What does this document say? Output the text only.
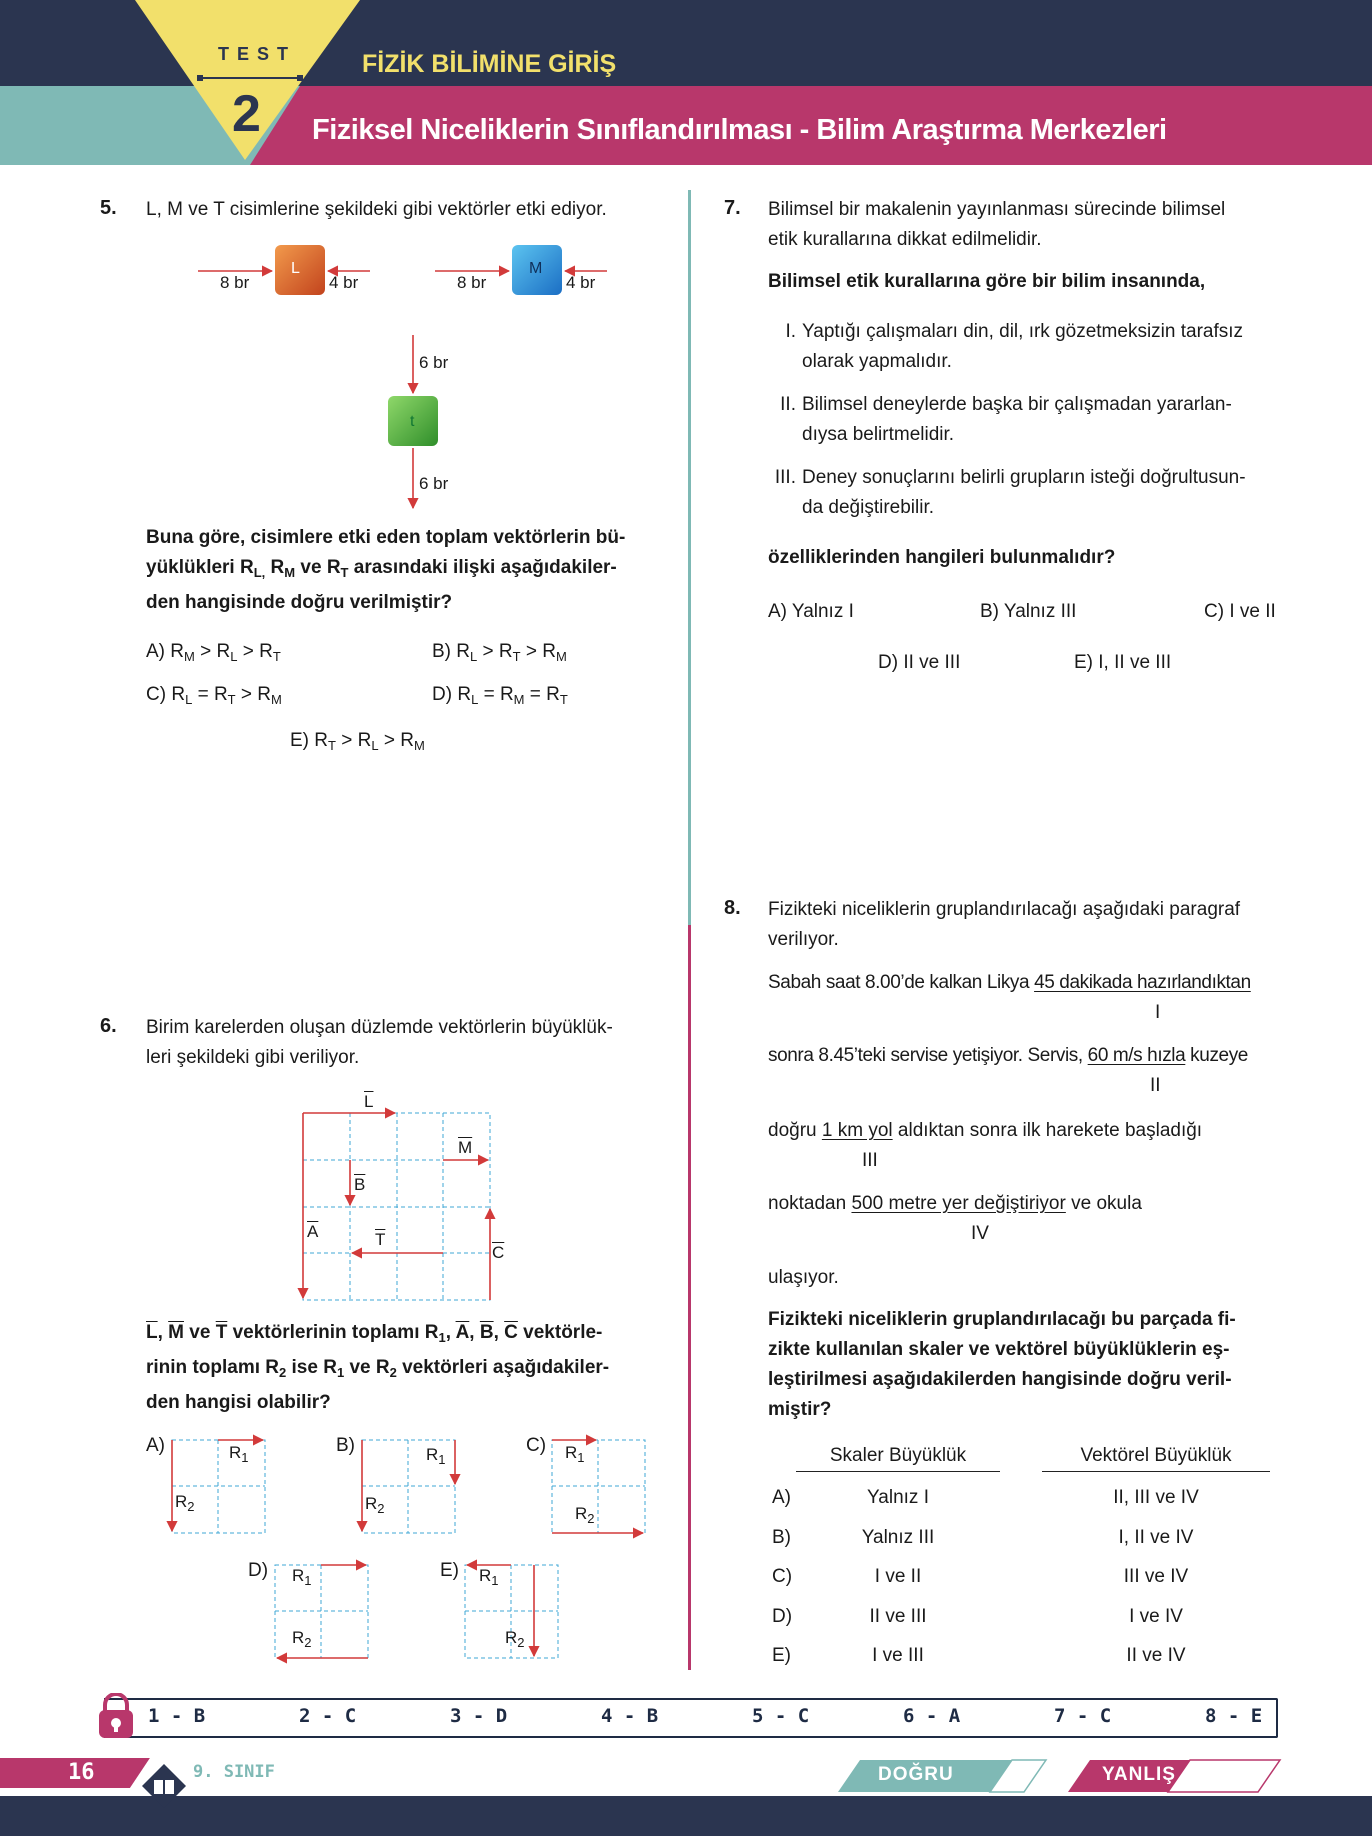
TEST
2
FİZİK BİLİMİNE GİRİŞ
Fiziksel Niceliklerin Sınıflandırılması - Bilim Araştırma Merkezleri
5. L, M ve T cisimlerine şekildeki gibi vektörler etki ediyor.
L	M
t
8 br	4 br	8 br	4 br
6 br
6 br
Buna göre, cisimlere etki eden toplam vektörlerin bü-
yüklükleri $R_{L,}$ $R_M$ ve $R_T$ arasındaki ilişki aşağıdakiler-
den hangisinde doğru verilmiştir?
A) $R_M > R_L > R_T$	B) $R_L > R_T > R_M$
C) $R_L = R_T > R_M$	D) $R_L = R_M = R_T$
E) $R_T > R_L > R_M$
6. Birim karelerden oluşan düzlemde vektörlerin büyüklük-
leri şekildeki gibi veriliyor.
$\overline{L}$
$\overline{M}$
$\overline{B}$
$\overline{A}$	$\overline{T}$
$\overline{C}$
$\overline{L}$, $\overline{M}$ ve $\overline{T}$ vektörlerinin toplamı $R_1$, $\overline{A}$, $\overline{B}$, $\overline{C}$ vektörle-
rinin toplamı $R_2$ ise $R_1$ ve $R_2$ vektörleri aşağıdakiler-
den hangisi olabilir?
A)	B)	C)
D)	E)
$R_1$
$R_2$
$R_1$
$R_2$
$R_1$
$R_2$
$R_1$
$R_2$
$R_1$
$R_2$
7. Bilimsel bir makalenin yayınlanması sürecinde bilimsel
etik kurallarına dikkat edilmelidir.
Bilimsel etik kurallarına göre bir bilim insanında,
I. Yaptığı çalışmaları din, dil, ırk gözetmeksizin tarafsız
olarak yapmalıdır.
II. Bilimsel deneylerde başka bir çalışmadan yararlan-
dıysa belirtmelidir.
III. Deney sonuçlarını belirli grupların isteği doğrultusun-
da değiştirebilir.
özelliklerinden hangileri bulunmalıdır?
A) Yalnız I	B) Yalnız III	C) I ve II
D) II ve III	E) I, II ve III
8. Fizikteki niceliklerin gruplandırılacağı aşağıdaki paragraf
verilıyor.
Sabah saat 8.00’de kalkan Likya 45 dakikada hazırlandıktan
I
sonra 8.45’teki servise yetişiyor. Servis, 60 m/s hızla kuzeye
II
doğru 1 km yol aldıktan sonra ilk harekete başladığı
III
noktadan 500 metre yer değiştiriyor ve okula
IV
ulaşıyor.
Fizikteki niceliklerin gruplandırılacağı bu parçada fi-
zikte kullanılan skaler ve vektörel büyüklüklerin eş-
leştirilmesi aşağıdakilerden hangisinde doğru veril-
miştir?
Skaler Büyüklük	Vektörel Büyüklük
A)	Yalnız I	II, III ve IV
B)	Yalnız III	I, II ve IV
C)	I ve II	III ve IV
D)	II ve III	I ve IV
E)	I ve III	II ve IV
1 - B	2 - C	3 - D	4 - B	5 - C	6 - A	7 - C	8 - E
16	9. SINIF	DOĞRU	YANLIŞ
